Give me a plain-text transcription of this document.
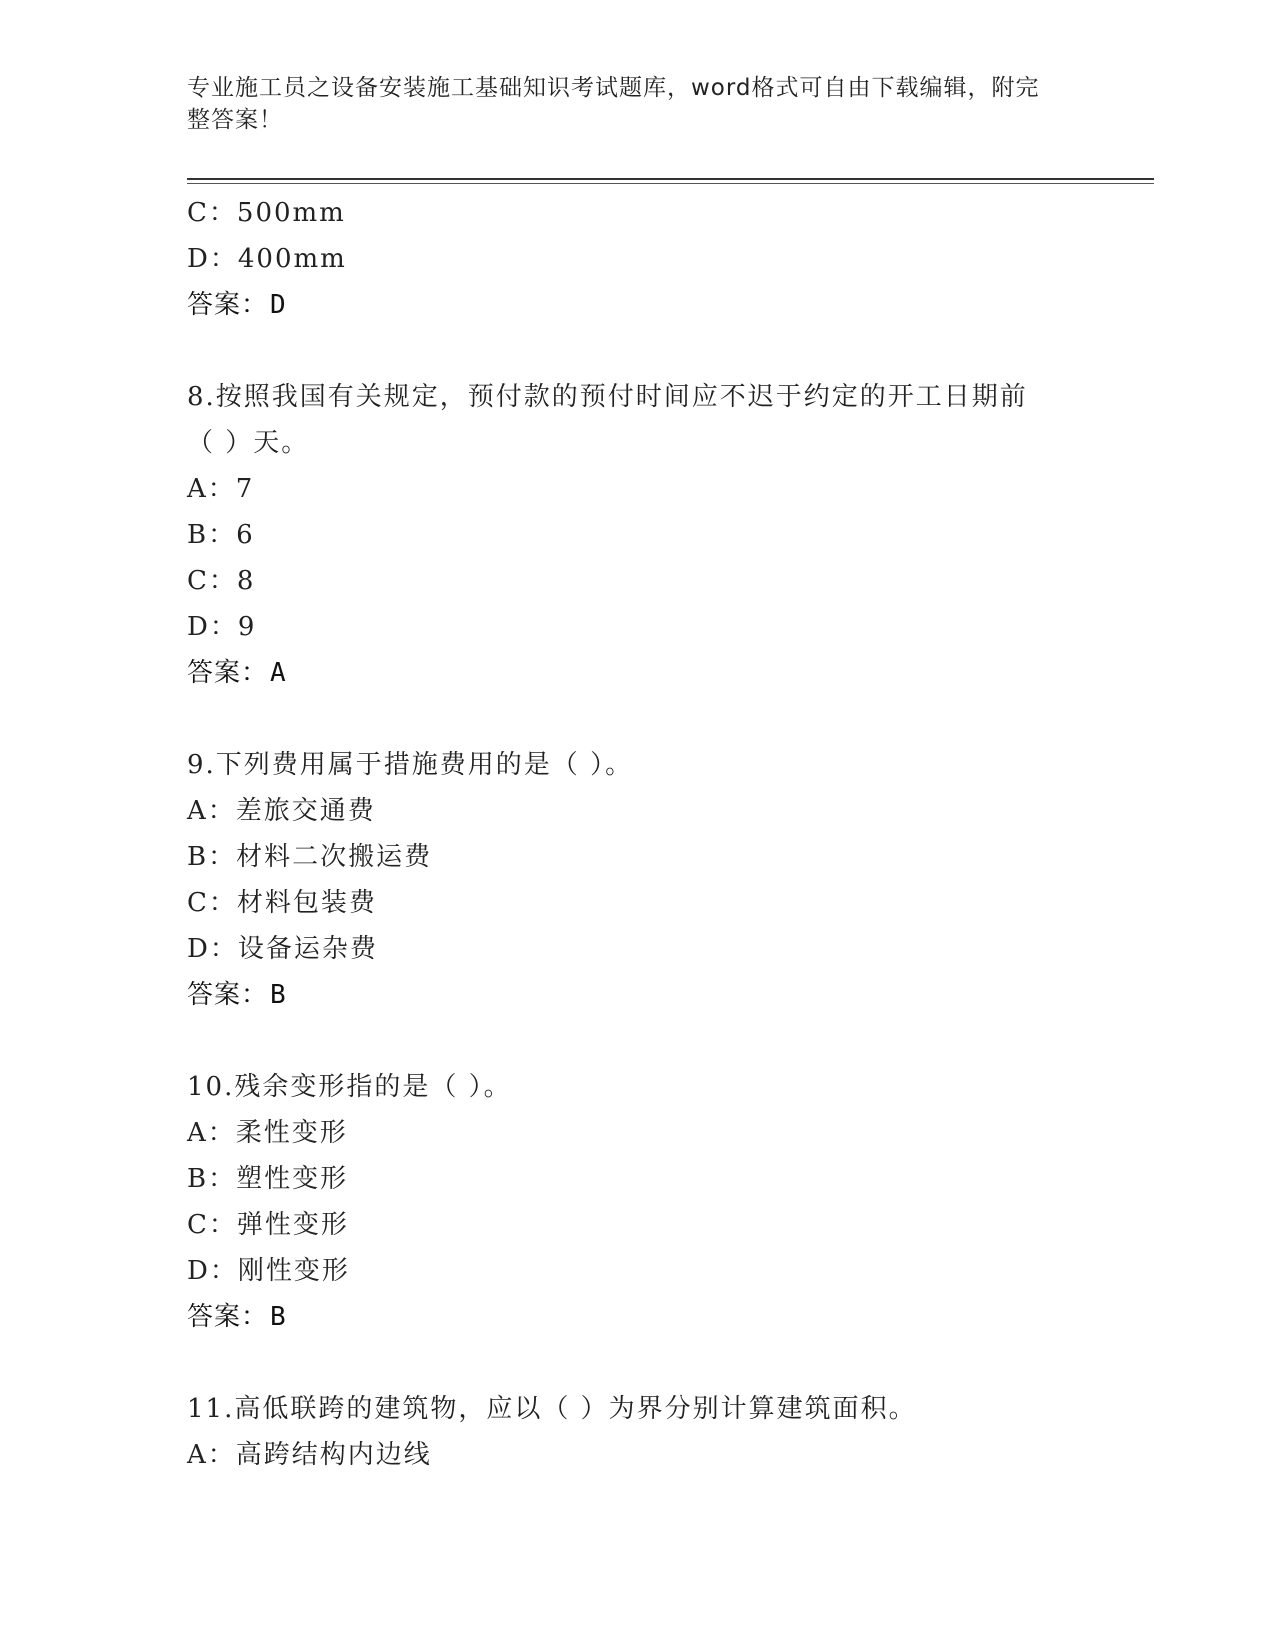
专业施工员之设备安装施工基础知识考试题库，word格式可自由下载编辑，附完
整答案！
C：500mm
D：400mm
答案：D
8.按照我国有关规定，预付款的预付时间应不迟于约定的开工日期前
（ ）天。
A：7
B：6
C：8
D：9
答案：A
9.下列费用属于措施费用的是（ ）。
A：差旅交通费
B：材料二次搬运费
C：材料包装费
D：设备运杂费
答案：B
10.残余变形指的是（ ）。
A：柔性变形
B：塑性变形
C：弹性变形
D：刚性变形
答案：B
11.高低联跨的建筑物，应以（ ）为界分别计算建筑面积。
A：高跨结构内边线
